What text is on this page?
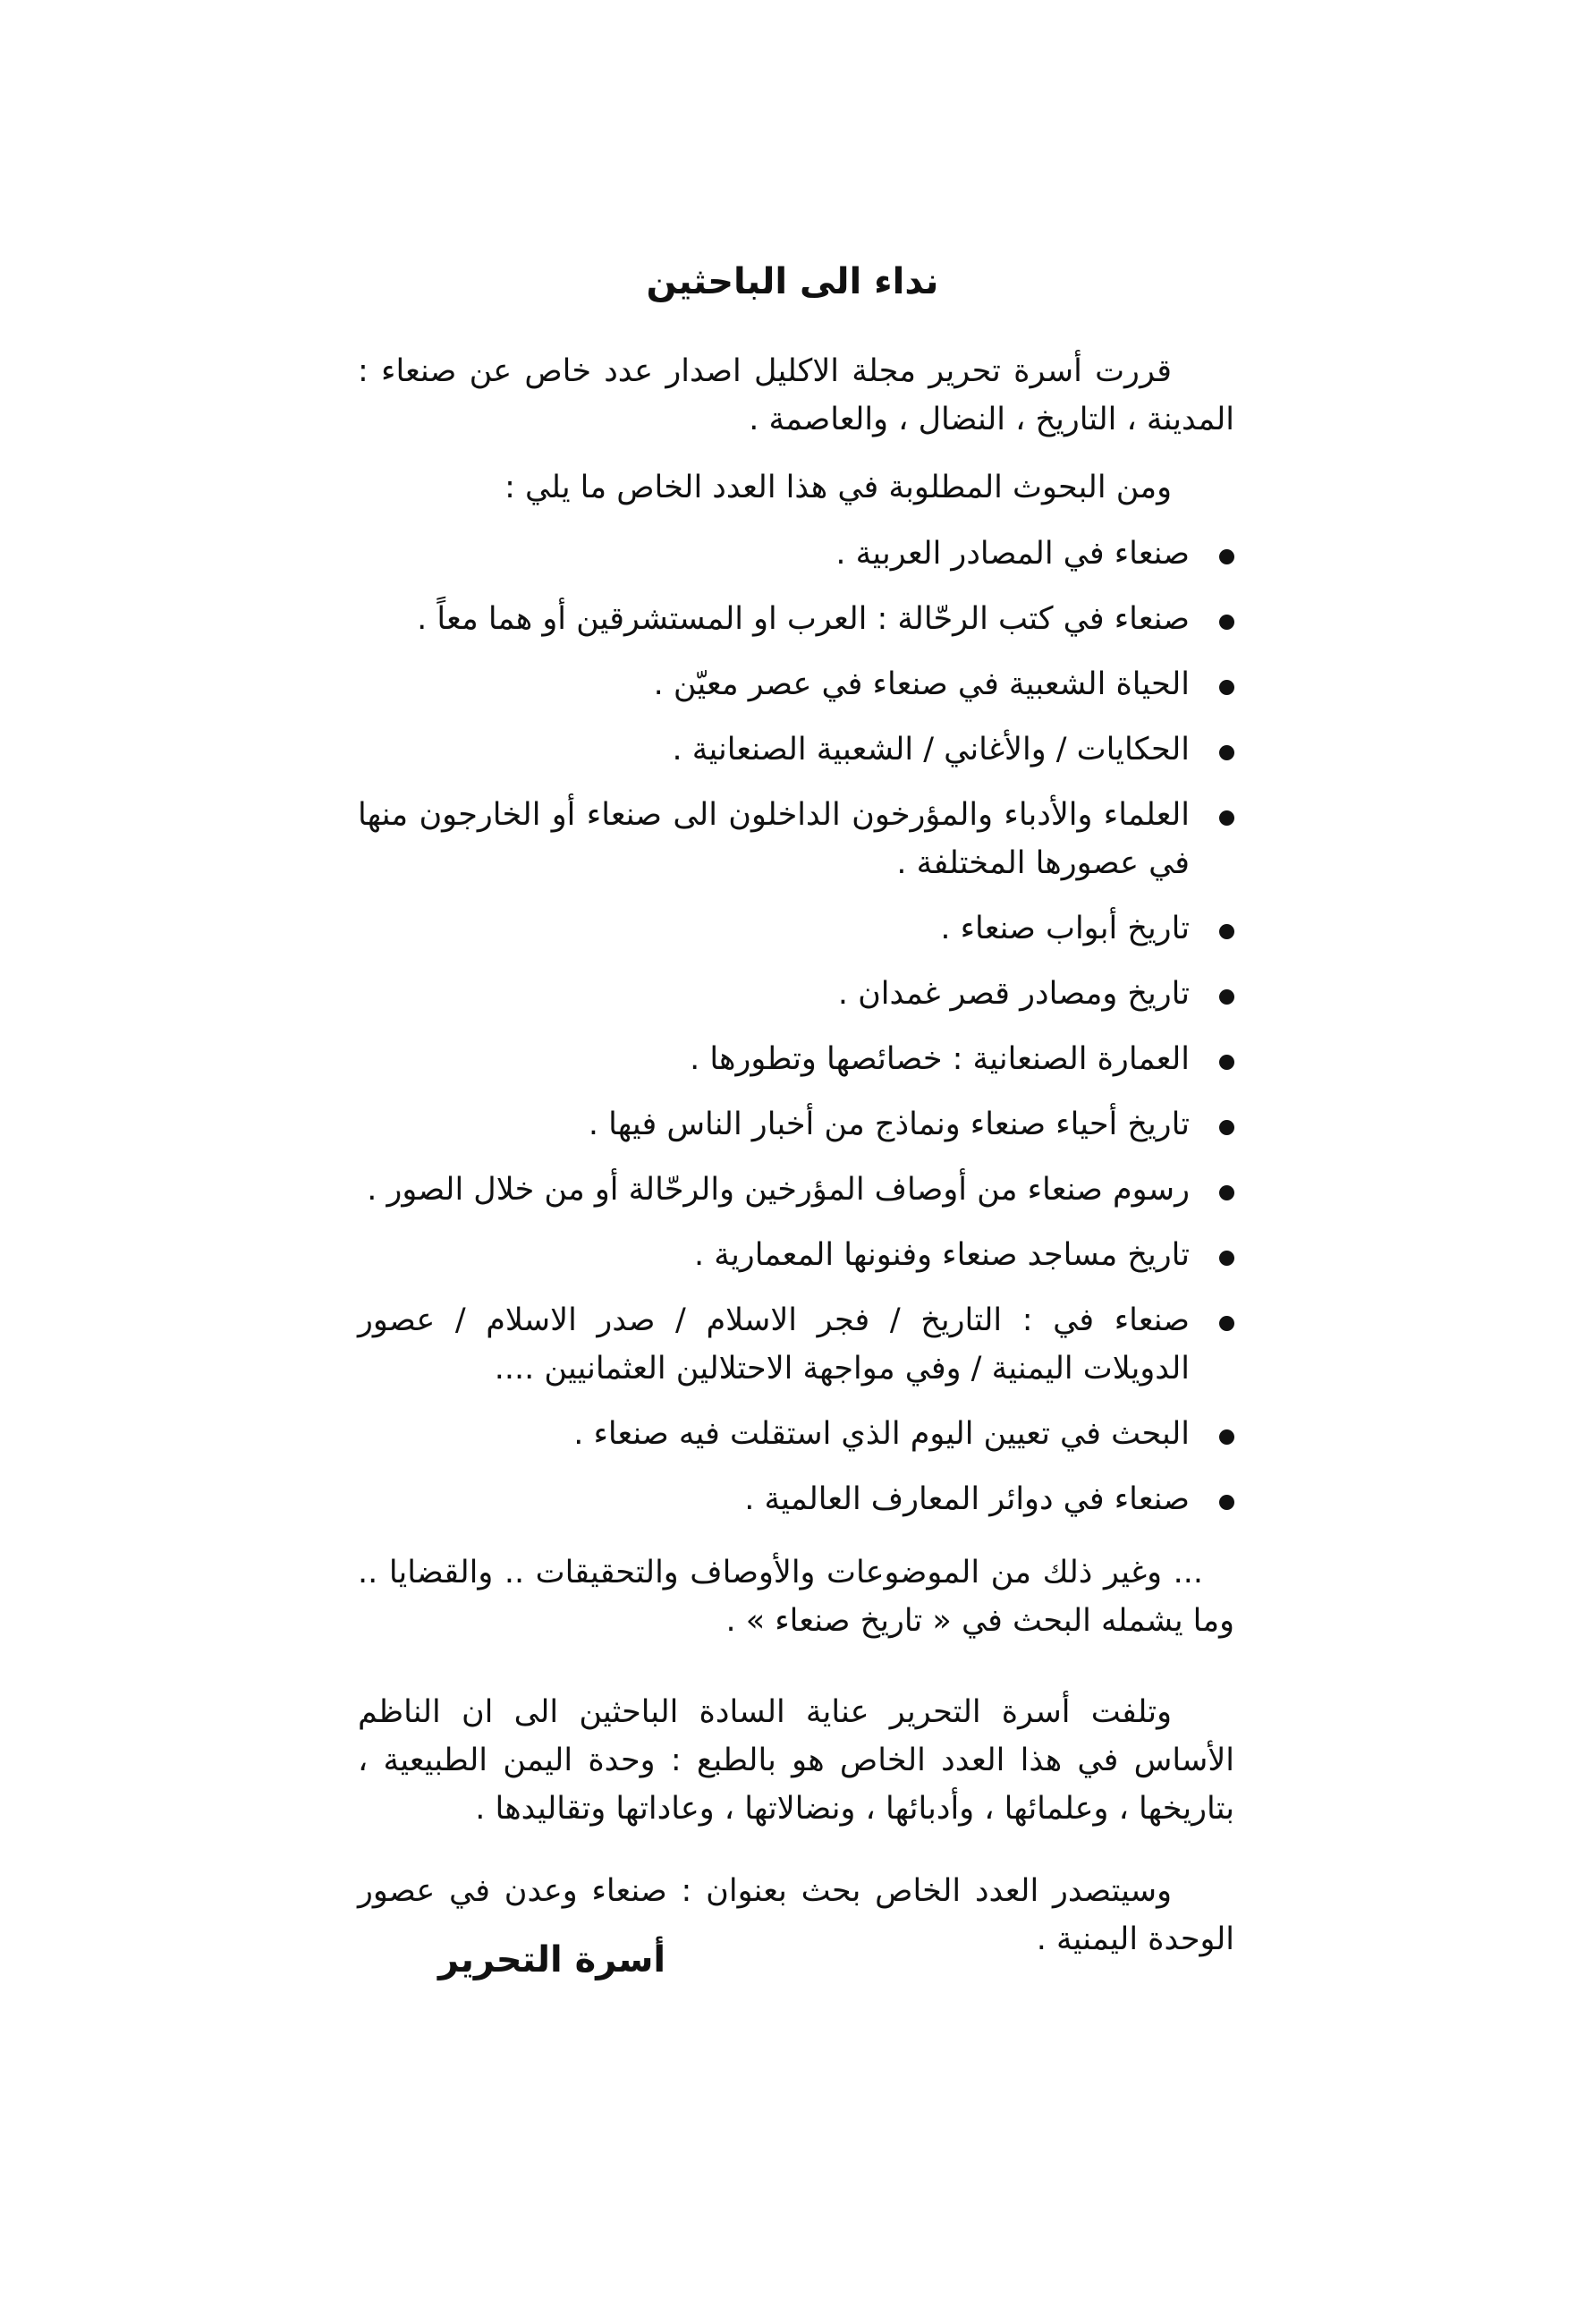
نداء الى الباحثين

قررت أسرة تحرير مجلة الاكليل اصدار عدد خاص عن صنعاء : المدينة ، التاريخ ، النضال ، والعاصمة .

ومن البحوث المطلوبة في هذا العدد الخاص ما يلي :

صنعاء في المصادر العربية .
صنعاء في كتب الرحّالة : العرب او المستشرقين أو هما معاً .
الحياة الشعبية في صنعاء في عصر معيّن .
الحكايات / والأغاني / الشعبية الصنعانية .
العلماء والأدباء والمؤرخون الداخلون الى صنعاء أو الخارجون منها في عصورها المختلفة .
تاريخ أبواب صنعاء .
تاريخ ومصادر قصر غمدان .
العمارة الصنعانية : خصائصها وتطورها .
تاريخ أحياء صنعاء ونماذج من أخبار الناس فيها .
رسوم صنعاء من أوصاف المؤرخين والرحّالة أو من خلال الصور .
تاريخ مساجد صنعاء وفنونها المعمارية .
صنعاء في : التاريخ / فجر الاسلام / صدر الاسلام / عصور الدويلات اليمنية / وفي مواجهة الاحتلالين العثمانيين ....
البحث في تعيين اليوم الذي استقلت فيه صنعاء .
صنعاء في دوائر المعارف العالمية .

... وغير ذلك من الموضوعات والأوصاف والتحقيقات .. والقضايا .. وما يشمله البحث في « تاريخ صنعاء » .

وتلفت أسرة التحرير عناية السادة الباحثين الى ان الناظم الأساس في هذا العدد الخاص هو بالطبع : وحدة اليمن الطبيعية ، بتاريخها ، وعلمائها ، وأدبائها ، ونضالاتها ، وعاداتها وتقاليدها .

وسيتصدر العدد الخاص بحث بعنوان : صنعاء وعدن في عصور الوحدة اليمنية .

أسرة التحرير
